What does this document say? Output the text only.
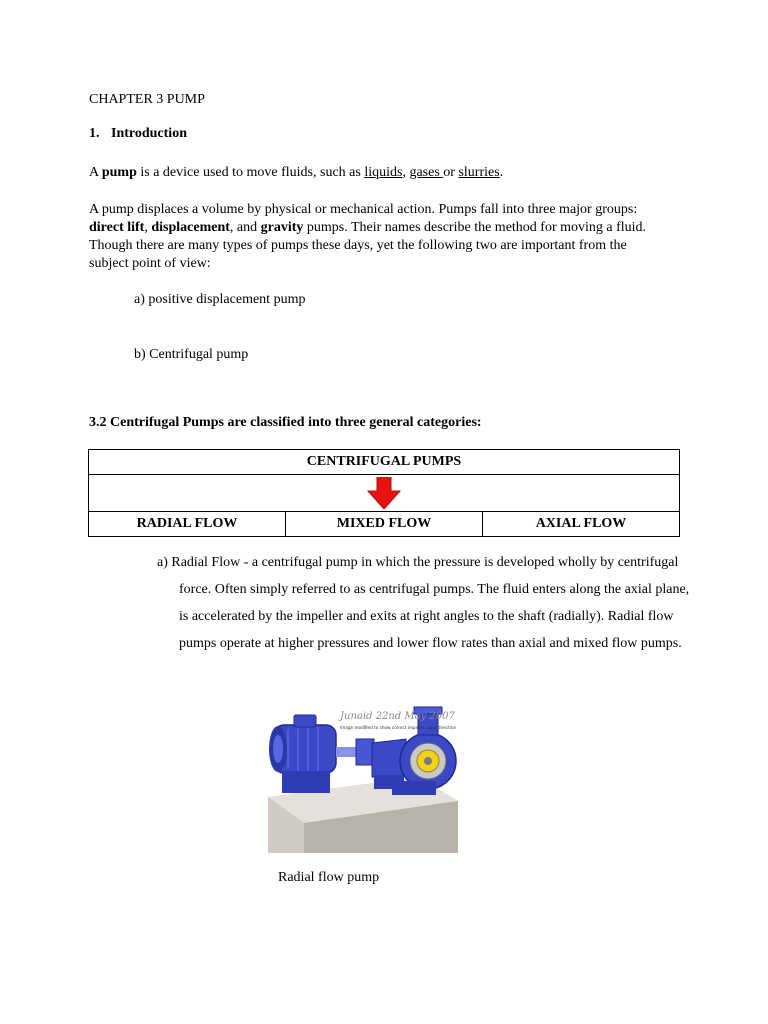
CHAPTER 3 PUMP

1. Introduction

A pump is a device used to move fluids, such as liquids, gases or slurries.

A pump displaces a volume by physical or mechanical action. Pumps fall into three major groups: direct lift, displacement, and gravity pumps. Their names describe the method for moving a fluid. Though there are many types of pumps these days, yet the following two are important from the subject point of view:

a) positive displacement pump

b) Centrifugal pump

3.2 Centrifugal Pumps are classified into three general categories:

CENTRIFUGAL PUMPS

RADIAL FLOW	MIXED FLOW	AXIAL FLOW

a) Radial Flow - a centrifugal pump in which the pressure is developed wholly by centrifugal force. Often simply referred to as centrifugal pumps. The fluid enters along the axial plane, is accelerated by the impeller and exits at right angles to the shaft (radially). Radial flow pumps operate at higher pressures and lower flow rates than axial and mixed flow pumps.

Junaid 22nd May 2007
Image modified to show correct impeller vane direction

Radial flow pump
